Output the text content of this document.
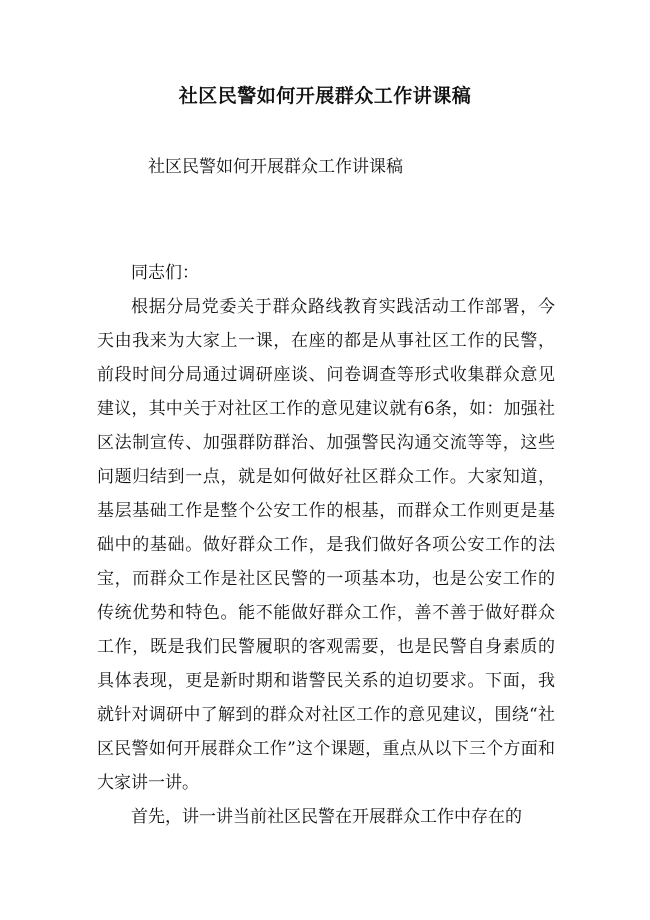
社区民警如何开展群众工作讲课稿
社区民警如何开展群众工作讲课稿

同志们：

根据分局党委关于群众路线教育实践活动工作部署，今天由我来为大家上一课，在座的都是从事社区工作的民警，前段时间分局通过调研座谈、问卷调查等形式收集群众意见建议，其中关于对社区工作的意见建议就有6条，如：加强社区法制宣传、加强群防群治、加强警民沟通交流等等，这些问题归结到一点，就是如何做好社区群众工作。大家知道，基层基础工作是整个公安工作的根基，而群众工作则更是基础中的基础。做好群众工作，是我们做好各项公安工作的法宝，而群众工作是社区民警的一项基本功，也是公安工作的传统优势和特色。能不能做好群众工作，善不善于做好群众工作，既是我们民警履职的客观需要，也是民警自身素质的具体表现，更是新时期和谐警民关系的迫切要求。下面，我就针对调研中了解到的群众对社区工作的意见建议，围绕“社区民警如何开展群众工作”这个课题，重点从以下三个方面和大家讲一讲。

首先，讲一讲当前社区民警在开展群众工作中存在的
